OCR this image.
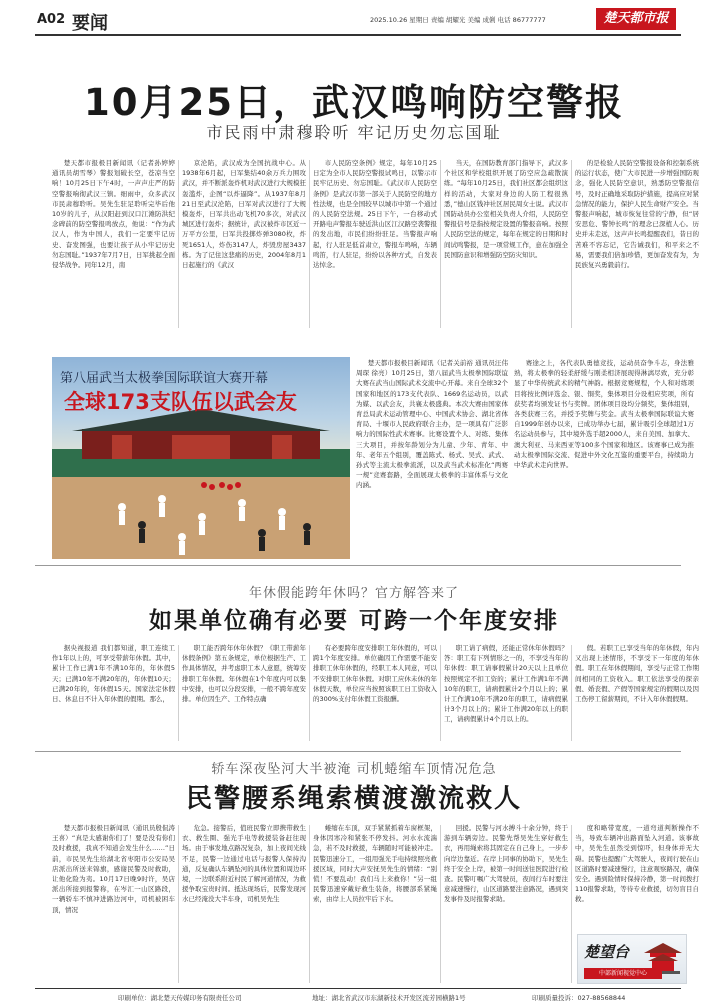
A02 要闻	2025.10.26 星期日 责编 胡耀光 美编 成俐 电话 86777777	楚天都市报
10月25日，武汉鸣响防空警报
市民雨中肃穆聆听 牢记历史勿忘国耻

楚天都市报极目新闻讯（记者孙婷婷 通讯员胡雪琴）警报划破长空，苍凉当空响！10月25日下午4时，一声声庄严的防空警报响彻武汉三镇。细雨中，众多武汉市民肃穆聆听。吴先生驻足聆听完毕后他10岁的儿子，从汉阳赶到汉口江滩防洪纪念碑前的防空警报鸣放点，他说：“作为武汉人，作为中国人，我们一定要牢记历史、奋发图强，也要让孩子从小牢记历史勿忘国耻。”1937年7月7日，日军挑起全面侵华战争。同年12月，南

京沦陷，武汉成为全国抗战中心。从1938年6月起，日军集结40余万兵力围攻武汉，并不断派轰炸机对武汉进行大规模狂轰滥炸，企图“以炸逼降”。从1937年8月21日至武汉沦陷，日军对武汉进行了大规模轰炸，日军共出动飞机70多次，对武汉城区进行轰炸；据统计，武汉被炸市区近一万平方公里，日军共投掷炸弹3080枚，炸死1651人，炸伤3147人，炸毁房屋3437栋。为了记住这悲痛的历史，2004年8月1日起施行的《武汉

市人民防空条例》规定，每年10月25日定为全市人民防空警报试鸣日，以警示市民牢记历史、勿忘国耻。《武汉市人民防空条例》是武汉市第一部关于人民防空的地方性法规，也是全国较早以城市中第一个通过的人民防空法规。25日下午，一台移动式开路电声警报车驶近洪山区江汉路空袭警报的发出地，市民们纷纷驻足。当警报声响起，行人驻足低首肃立，警报车鸣响，车辆鸣笛，行人驻足，纷纷以各种方式，自发表达悼念。

当天，在国防教育部门指导下，武汉多个社区和学校组织开展了防空应急疏散演练。“每年10月25日，我们社区都会组织这样的活动，大家对身边的人防工程很熟悉，”德山区钱冲社区居民周女士说。武汉市国防动员办公室相关负责人介绍，人民防空警报信号是指按规定设置的警报音响。按照人民防空法的规定，每年在规定的日期和时间试鸣警报，是一项常规工作，意在加强全民国防意识和增强防空防灾知识。

的是检验人民防空警报设备和控制系统的运行状态，使广大市民进一步增强国防观念，强化人民防空意识，熟悉防空警报信号，及时正确地采取防护措施，提高应对紧急情况的能力，保护人民生命财产安全。当警报声响起，城市恢复往常的宁静，但“居安思危、警钟长鸣”的理念已深植人心。历史并未走远，这声声长鸣提醒我们，昔日的苦难不容忘记，它告诫我们，和平来之不易，需要我们倍加珍惜，更加奋发有为，为民族复兴勇毅前行。

第八届武当太极拳国际联谊大赛开幕
全球173支队伍以武会友

楚天都市报极目新闻讯（记者关前裕 通讯员汪伟 周琛 徐亮）10月25日，第八届武当太极拳国际联谊大赛在武当山国际武术交流中心开幕。来自全球32个国家和地区的173支代表队、1669名运动员，以武为媒、以武会友，共襄太极盛典。本次大赛由国家体育总局武术运动管理中心、中国武术协会、湖北省体育局、十堰市人民政府联合主办，是一项具有广泛影响力的国际性武术赛事。比赛设置个人、对练、集体三大项目，并按年龄划分为儿童、少年、青年、中年、老年五个组别，覆盖陈式、杨式、吴式、武式、孙式等主流太极拳流派，以及武当武术标准化“两赛一规”竞赛套路，全面展现太极拳的丰富体系与文化内涵。

赛途之上，各代表队勇德竞技，运动员奋争斗志，身法雅熟，将太极拳的轻柔舒缓与刚柔相济展现得淋漓尽致，充分彰显了中华传统武术的精气神韵。根据竞赛规程，个人和对练项目将按比例评选金、银、铜奖，集体项目分设相应奖项，所有获奖者均颁发证书与奖牌。团体项目设均分频奖，集体组别，各类获赛三名，并授予奖牌与奖金。武当太极拳国际联谊大赛自1999年创办以来，已成功举办七届，累计吸引全球超过1万名运动员参与，其中境外选手超2000人，来自美国、加拿大、澳大利亚、马来西亚等100多个国家和地区。该赛事已成为推动太极拳国际交流、促进中外文化互鉴的重要平台，持续助力中华武术走向世界。

年休假能跨年休吗？官方解答来了
如果单位确有必要 可跨一个年度安排

据央视报道 我们都知道，职工连续工作1年以上的，可享受带薪年休假。其中，累计工作已满1年不满10年的，年休假5天；已满10年不满20年的，年休假10天；已满20年的，年休假15天。国家法定休假日、休息日不计入年休假的假期。那么，

职工能否跨年休年休假？《职工带薪年休假条例》第五条规定，单位根据生产、工作具体情况，并考虑职工本人意愿，统筹安排职工年休假。年休假在1个年度内可以集中安排，也可以分段安排，一般不跨年度安排。单位因生产、工作特点确

有必要跨年度安排职工年休假的，可以跨1个年度安排。单位确因工作需要不能安排职工休年休假的，经职工本人同意，可以不安排职工休年休假。对职工应休未休的年休假天数，单位应当按照该职工日工资收入的300%支付年休假工资报酬。

职工请了病假，还能正常休年休假吗？答：职工有下列情形之一的，不享受当年的年休假：职工请事假累计20天以上且单位按照规定不扣工资的；累计工作满1年不满10年的职工，请病假累计2个月以上的；累计工作满10年不满20年的职工，请病假累计3个月以上的；累计工作满20年以上的职工，请病假累计4个月以上的。

假。若职工已享受当年的年休假，年内又出现上述情形，不享受下一年度的年休假。职工在年休假期间，享受与正常工作期间相同的工资收入。职工依法享受的探亲假、婚丧假、产假等国家规定的假期以及因工伤停工留薪期间，不计入年休假假期。

轿车深夜坠河大半被淹 司机蜷缩车顶情况危急
民警腰系绳索横渡激流救人

楚天都市报极目新闻讯（通讯员殷侃涛 王喜）“真是太感谢你们了！要是没有你们及时救援，我真不知道会发生什么……”日前，市民吴先生给湖北省枣阳市公安局吴店派出所送来锦旗，感谢民警及时救助，让他化险为夷。10月17日晚9时许，吴店派出所接到报警称，在岑汇一山区路段，一辆轿车不慎冲进路边河中，司机被困车顶，情况

危急。接警后，值班民警立即携带救生衣、救生圈、强光手电等救援装备赶往现场。由于事发地点路况复杂，加上夜间光线不足，民警一边通过电话与报警人保持沟通，反复确认车辆坠河的具体位置和周边环境，一边联系附近村民了解河道情况，为救援争取宝贵时间。抵达现场后，民警发现河水已经淹没大半车身，司机吴先生

蜷缩在车顶，双手紧紧抓着车窗框架，身体因寒冷和紧张不停发抖。河水水流湍急，若不及时救援，车辆随时可能被冲走。民警迅速分工，一组用强光手电持续照亮救援区域，同时大声安抚吴先生的情绪：“别慌！不要乱动！我们马上来救你！”另一组民警迅速穿戴好救生装备，将腰部系紧绳索，由岸上人员拉牢后下水。

回援。民警与河水搏斗十余分钟，终于游到车辆旁边。民警先帮吴先生穿好救生衣，再用绳索将其固定在自己身上，一步步向岸边靠近。在岸上同事的协助下，吴先生终于安全上岸，被第一时间送往医院进行检查。民警叮嘱广大驾驶员，夜间行车时要注意减速慢行，山区道路要注意路况，遇到突发事件及时报警求助。

度和略带宽度，一道弯道判断操作不当，导致车辆冲出路面坠入河道。该事故中，吴先生虽然受到惊吓，但身体并无大碍。民警也提醒广大驾驶人，夜间行驶在山区道路时要减速慢行，注意观察路况，确保安全。遇到险情时保持冷静，第一时间拨打110报警求助，等待专业救援，切勿盲目自救。

楚望台
中部新闻视觉中心
印刷单位：湖北楚天传媒印务有限责任公司	地址：湖北省武汉市东湖新技术开发区流芳园横路1号	印刷质量投诉：027-88568844
